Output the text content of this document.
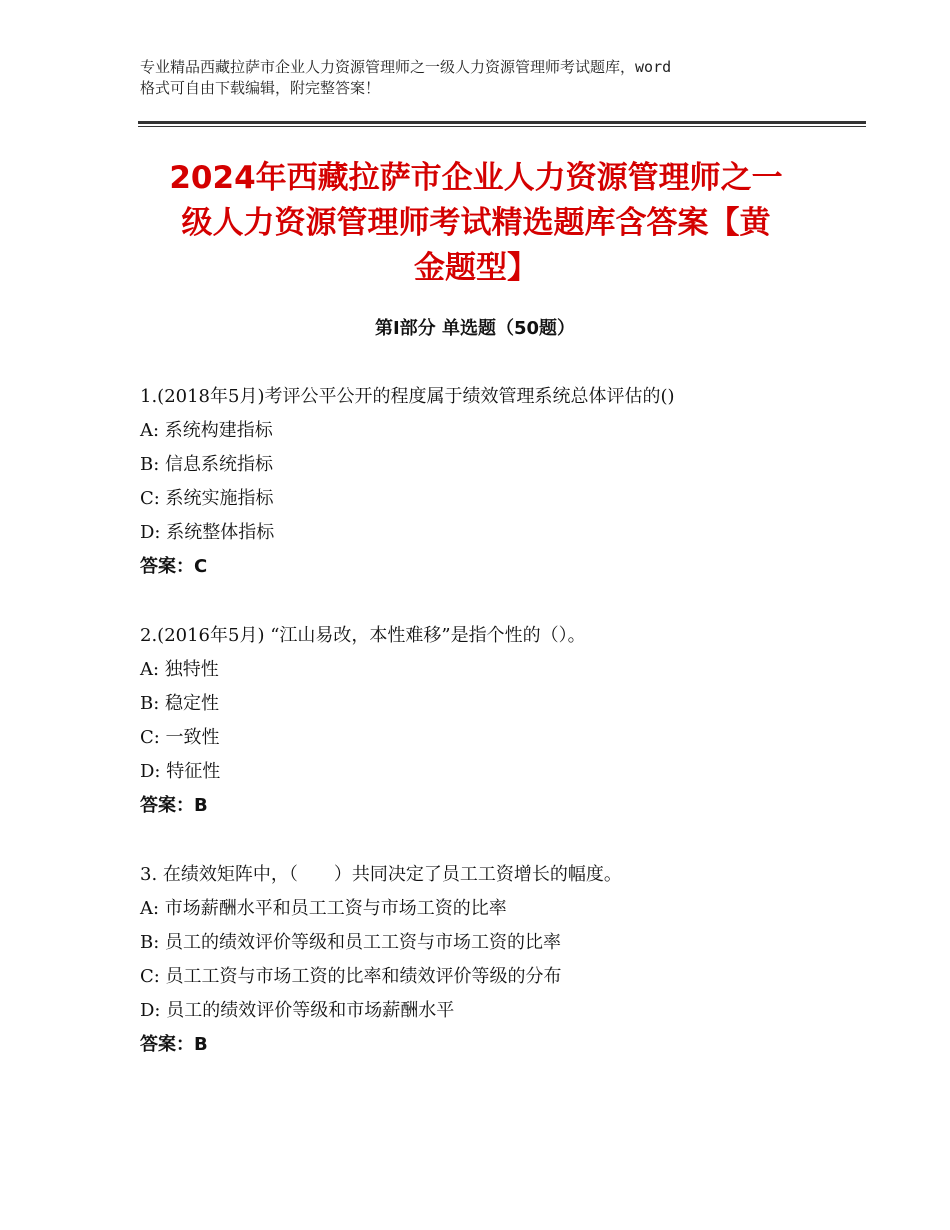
专业精品西藏拉萨市企业人力资源管理师之一级人力资源管理师考试题库，word
格式可自由下载编辑，附完整答案！
2024年西藏拉萨市企业人力资源管理师之一
级人力资源管理师考试精选题库含答案【黄
金题型】
第Ⅰ部分 单选题（50题）
1.(2018年5月)考评公平公开的程度属于绩效管理系统总体评估的()
A: 系统构建指标
B: 信息系统指标
C: 系统实施指标
D: 系统整体指标
答案：C
2.(2016年5月) “江山易改，本性难移”是指个性的（）。
A: 独特性
B: 稳定性
C: 一致性
D: 特征性
答案：B
3. 在绩效矩阵中，（　　）共同决定了员工工资增长的幅度。
A: 市场薪酬水平和员工工资与市场工资的比率
B: 员工的绩效评价等级和员工工资与市场工资的比率
C: 员工工资与市场工资的比率和绩效评价等级的分布
D: 员工的绩效评价等级和市场薪酬水平
答案：B
